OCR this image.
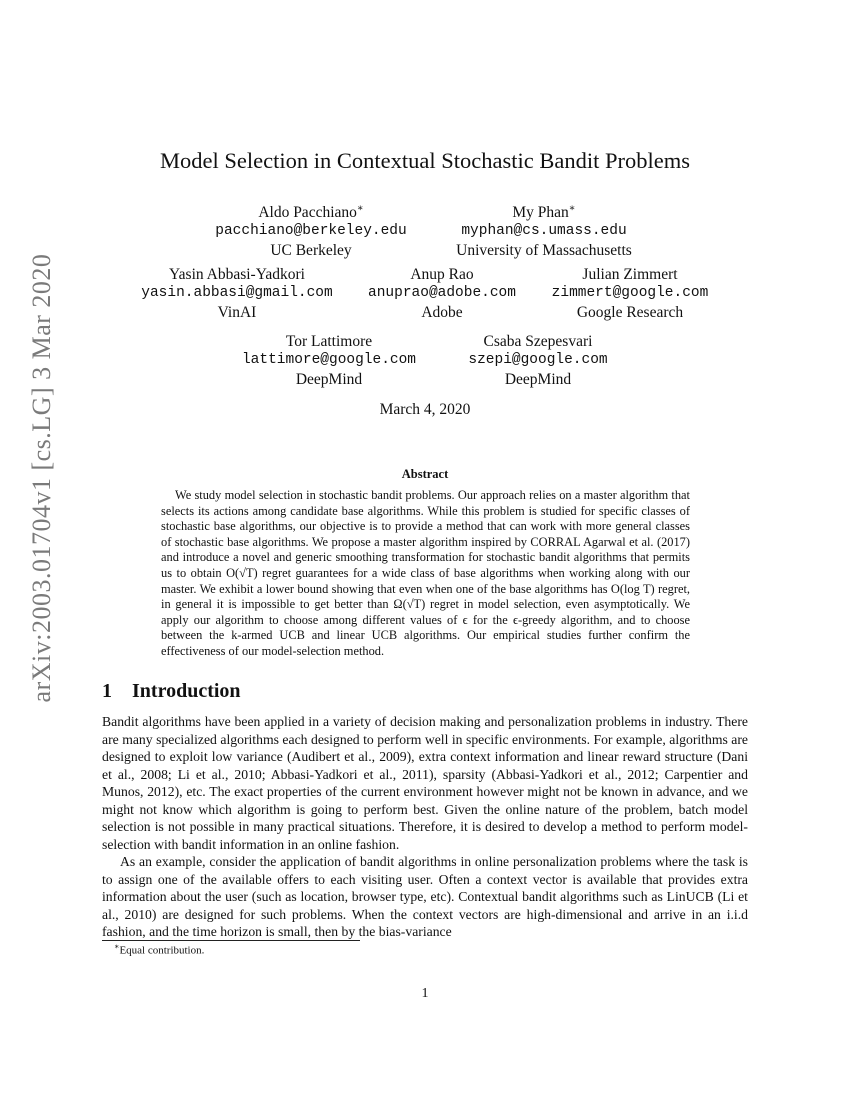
arXiv:2003.01704v1 [cs.LG] 3 Mar 2020
Model Selection in Contextual Stochastic Bandit Problems
Aldo Pacchiano∗
pacchiano@berkeley.edu
UC Berkeley
My Phan∗
myphan@cs.umass.edu
University of Massachusetts
Yasin Abbasi-Yadkori
yasin.abbasi@gmail.com
VinAI
Anup Rao
anuprao@adobe.com
Adobe
Julian Zimmert
zimmert@google.com
Google Research
Tor Lattimore
lattimore@google.com
DeepMind
Csaba Szepesvari
szepi@google.com
DeepMind
March 4, 2020
Abstract
We study model selection in stochastic bandit problems. Our approach relies on a master algorithm that selects its actions among candidate base algorithms. While this problem is studied for specific classes of stochastic base algorithms, our objective is to provide a method that can work with more general classes of stochastic base algorithms. We propose a master algorithm inspired by CORRAL Agarwal et al. (2017) and introduce a novel and generic smoothing transformation for stochastic bandit algorithms that permits us to obtain O(√T) regret guarantees for a wide class of base algorithms when working along with our master. We exhibit a lower bound showing that even when one of the base algorithms has O(log T) regret, in general it is impossible to get better than Ω(√T) regret in model selection, even asymptotically. We apply our algorithm to choose among different values of ϵ for the ϵ-greedy algorithm, and to choose between the k-armed UCB and linear UCB algorithms. Our empirical studies further confirm the effectiveness of our model-selection method.
1 Introduction
Bandit algorithms have been applied in a variety of decision making and personalization problems in industry. There are many specialized algorithms each designed to perform well in specific environments. For example, algorithms are designed to exploit low variance (Audibert et al., 2009), extra context information and linear reward structure (Dani et al., 2008; Li et al., 2010; Abbasi-Yadkori et al., 2011), sparsity (Abbasi-Yadkori et al., 2012; Carpentier and Munos, 2012), etc. The exact properties of the current environment however might not be known in advance, and we might not know which algorithm is going to perform best. Given the online nature of the problem, batch model selection is not possible in many practical situations. Therefore, it is desired to develop a method to perform model-selection with bandit information in an online fashion.
As an example, consider the application of bandit algorithms in online personalization problems where the task is to assign one of the available offers to each visiting user. Often a context vector is available that provides extra information about the user (such as location, browser type, etc). Contextual bandit algorithms such as LinUCB (Li et al., 2010) are designed for such problems. When the context vectors are high-dimensional and arrive in an i.i.d fashion, and the time horizon is small, then by the bias-variance
∗Equal contribution.
1
